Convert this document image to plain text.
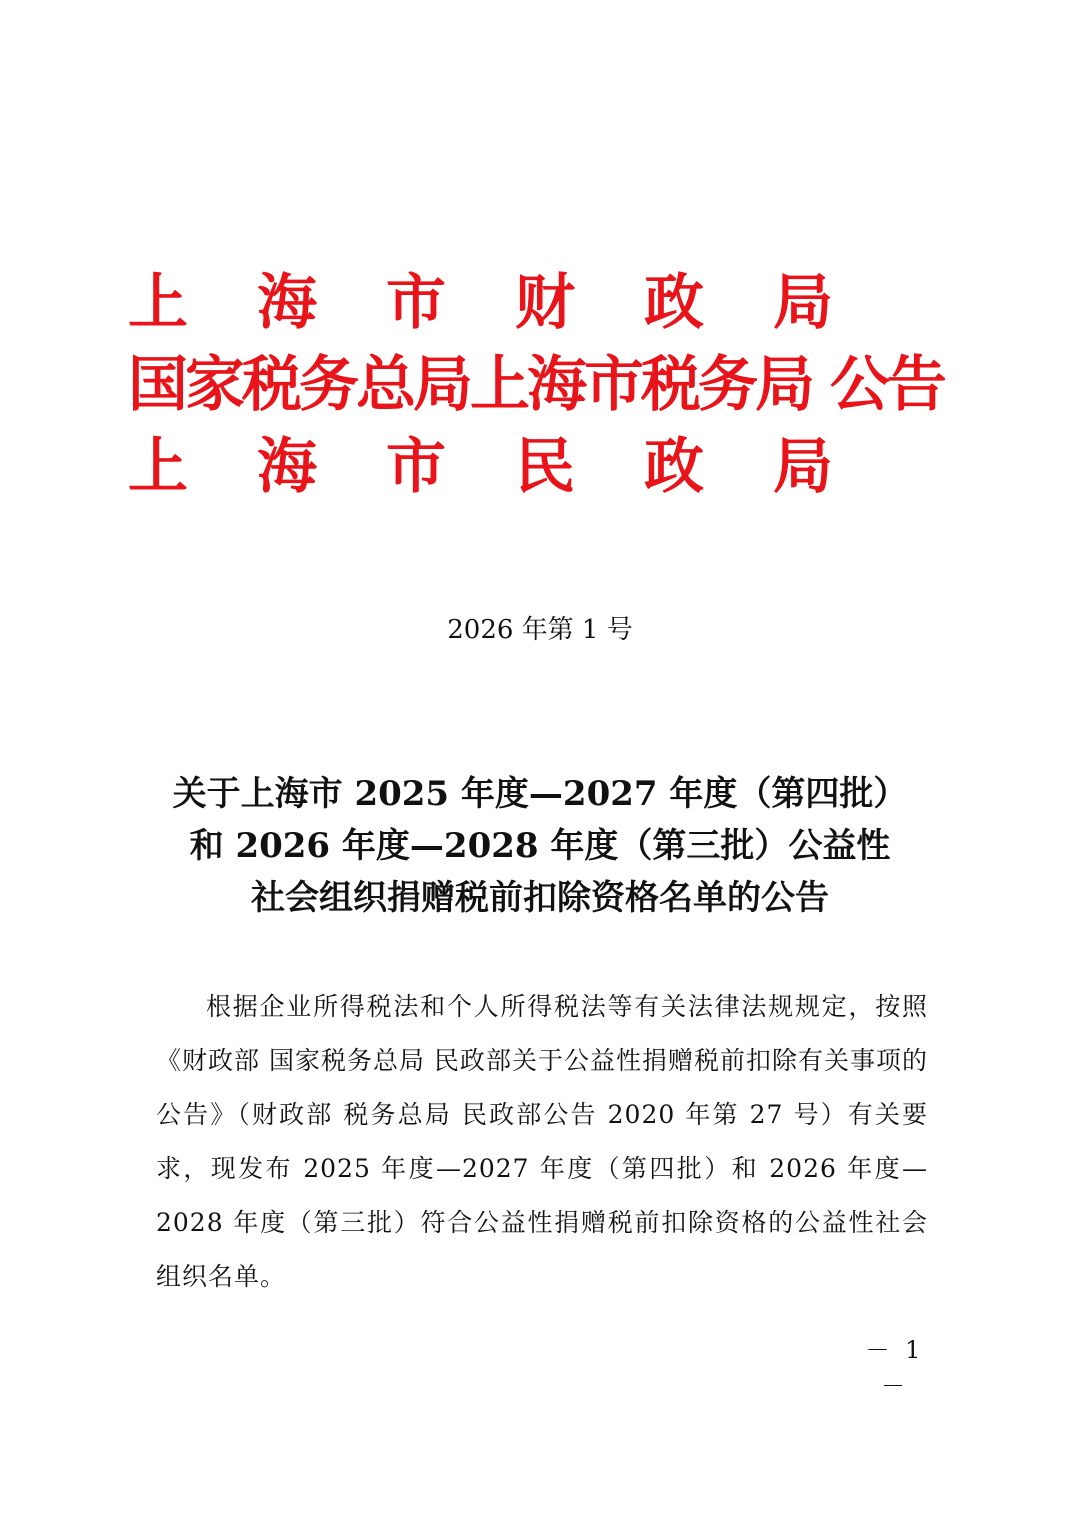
上 海 市 财 政 局
国家税务总局上海市税务局 公告
上 海 市 民 政 局
2026 年第 1 号
关于上海市 2025 年度—2027 年度（第四批）
和 2026 年度—2028 年度（第三批）公益性
社会组织捐赠税前扣除资格名单的公告
根据企业所得税法和个人所得税法等有关法律法规规定，按照《财政部 国家税务总局 民政部关于公益性捐赠税前扣除有关事项的公告》（财政部 税务总局 民政部公告 2020 年第 27 号）有关要求，现发布 2025 年度—2027 年度（第四批）和 2026 年度—2028 年度（第三批）符合公益性捐赠税前扣除资格的公益性社会组织名单。
－ 1 －
